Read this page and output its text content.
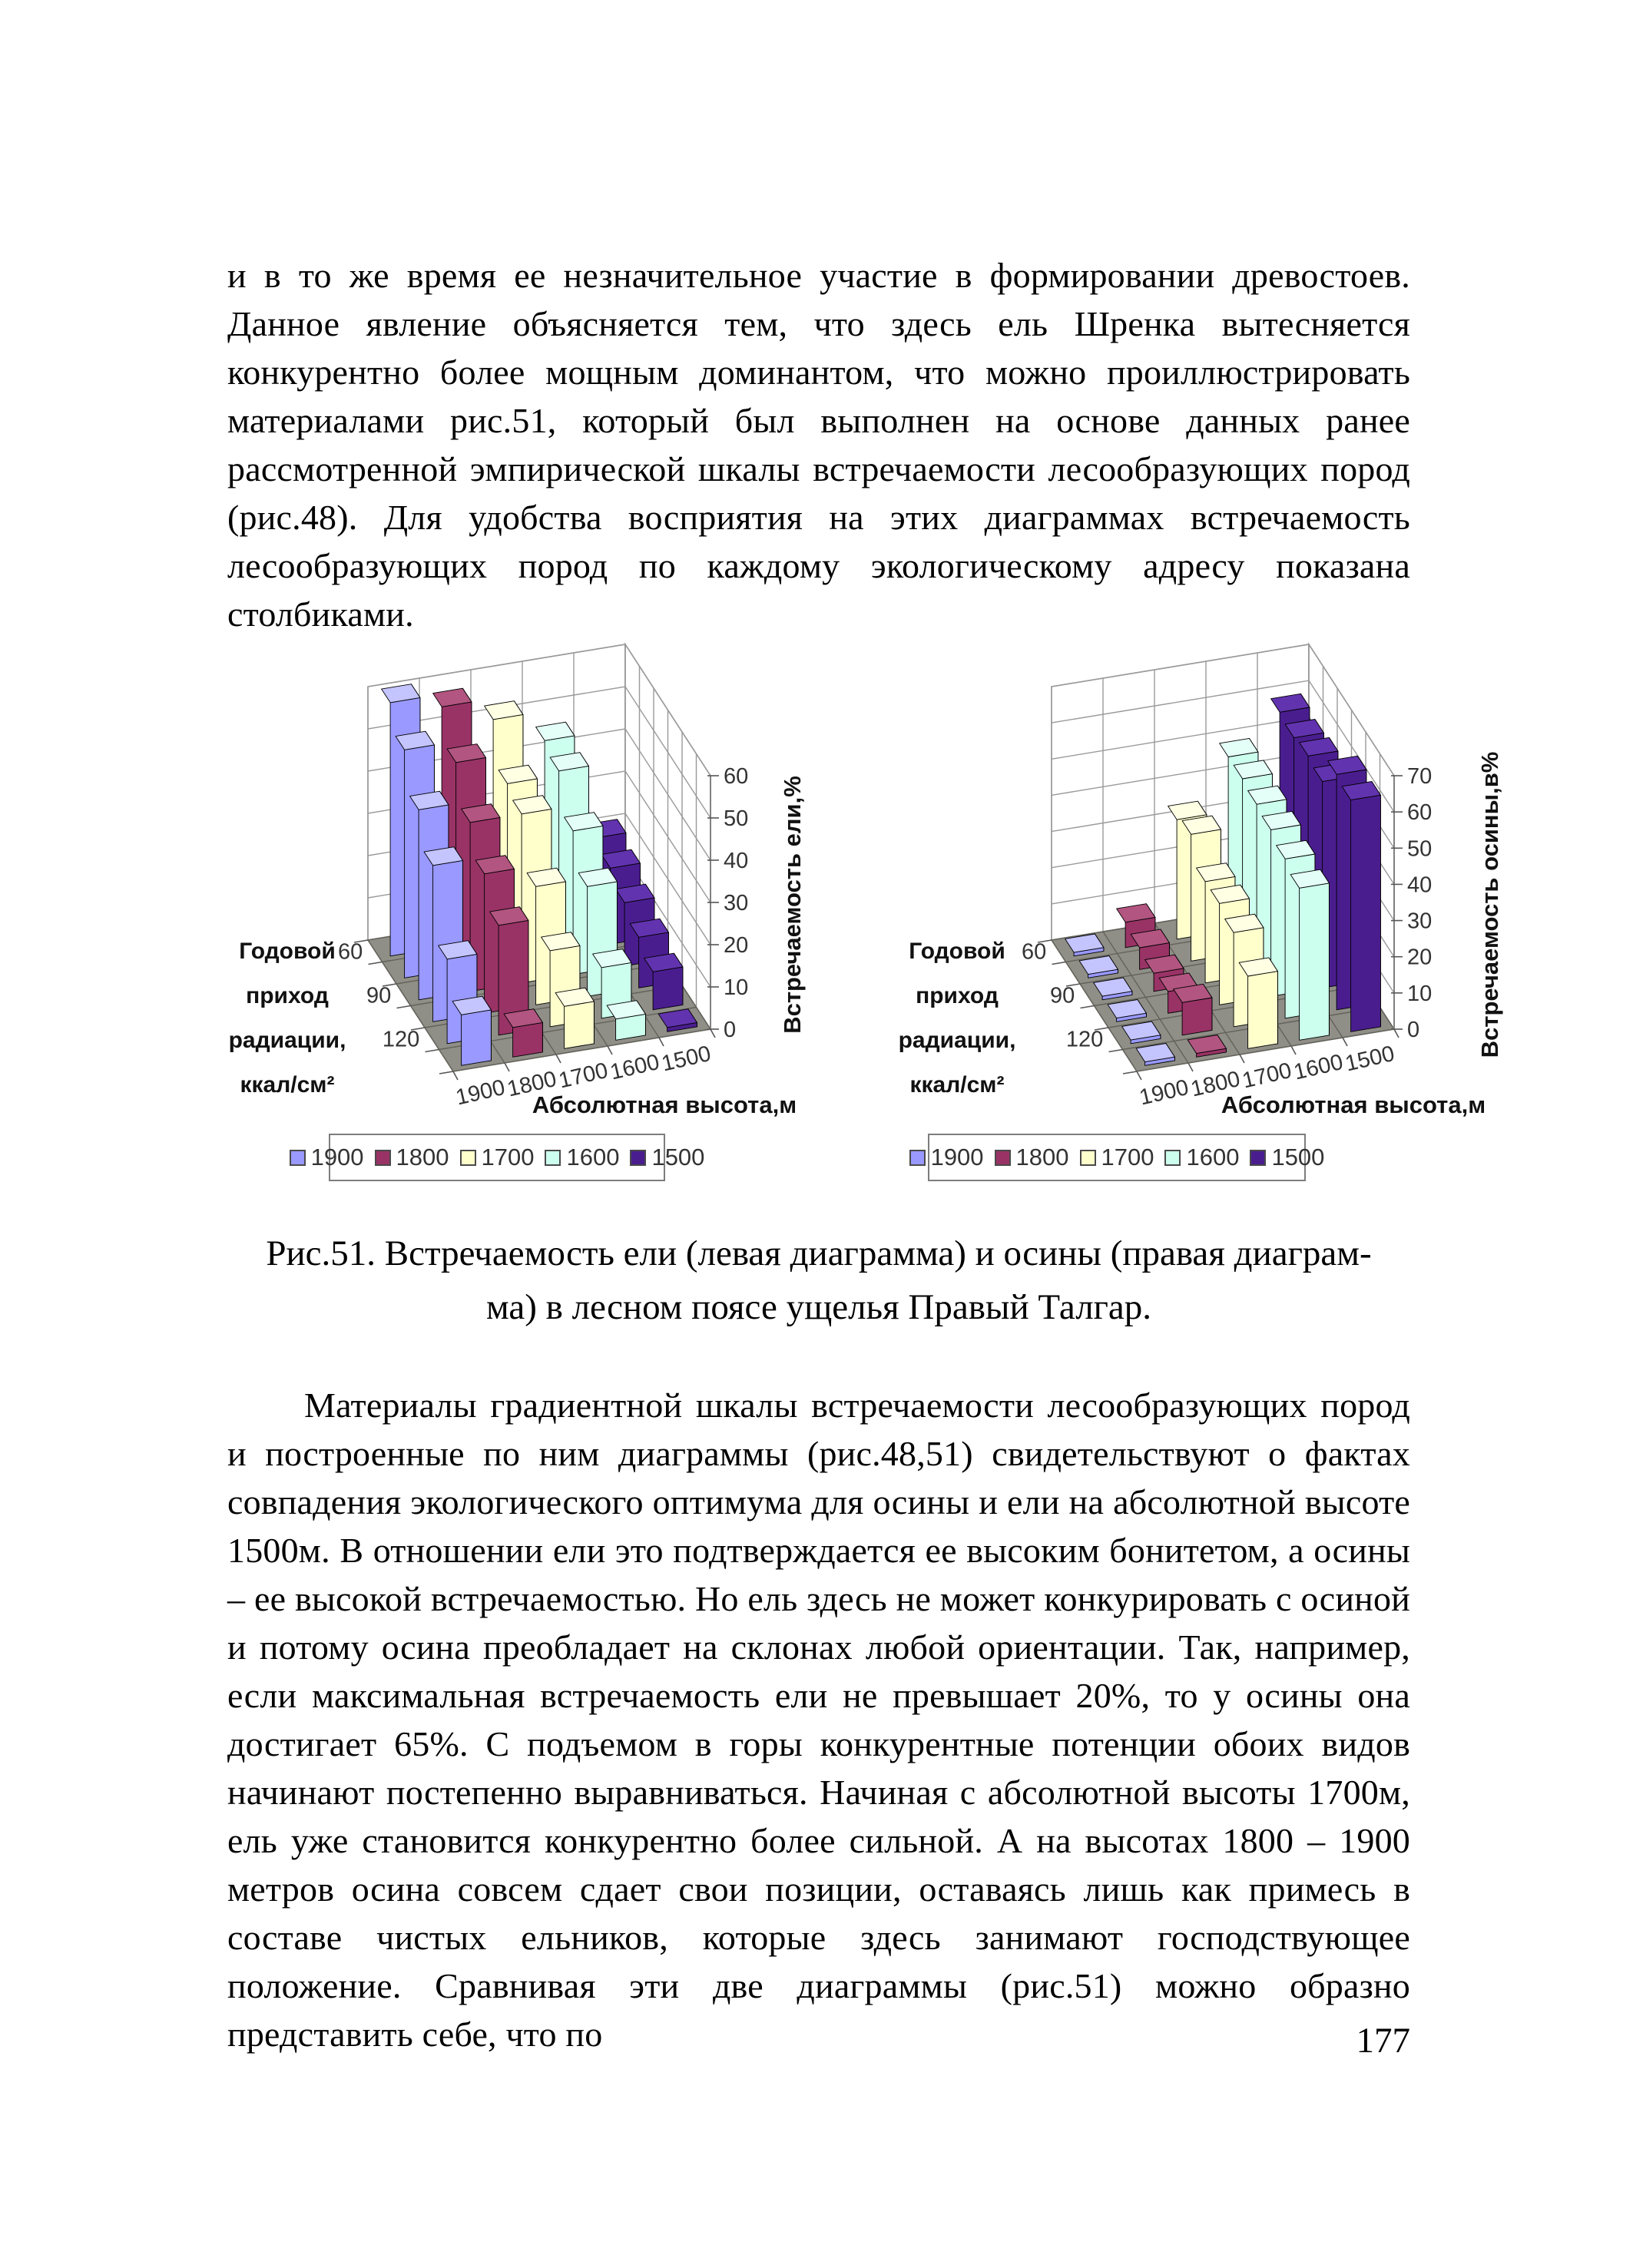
и в то же время ее незначительное участие в формировании древостоев. Данное явление объясняется тем, что здесь ель Шренка вытесняется конкурентно более мощным доминантом, что можно проиллюстрировать материалами рис.51, который был выполнен на основе данных ранее рассмотренной эмпирической шкалы встречаемости лесообразующих пород (рис.48). Для удобства восприятия на этих диаграммах встречаемость лесообразующих пород по каждому экологическому адресу показана столбиками.

1900
1800
1700
1600
1500
60
90
120	0
10
20
30
40
50
60 Встречаемость ели,%
Годовой
приход
радиации,
ккал/см²
Абсолютная высота,м	1900
1800
1700
1600
1500
60
90
120	0
10
20
30
40
50
60
70 Встречаемость осины,в%
Годовой
приход
радиации,
ккал/см²
Абсолютная высота,м
1900 1800 1700 1600 1500	1900 1800 1700 1600 1500
Рис.51. Встречаемость ели (левая диаграмма) и осины (правая диаграм-
ма) в лесном поясе ущелья Правый Талгар.

Материалы градиентной шкалы встречаемости лесообразующих пород и построенные по ним диаграммы (рис.48,51) свидетельствуют о фактах совпадения экологического оптимума для осины и ели на абсолютной высоте 1500м. В отношении ели это подтверждается ее высоким бонитетом, а осины – ее высокой встречаемостью. Но ель здесь не может конкурировать с осиной и потому осина преобладает на склонах любой ориентации. Так, например, если максимальная встречаемость ели не превышает 20%, то у осины она достигает 65%. С подъемом в горы конкурентные потенции обоих видов начинают постепенно выравниваться. Начиная с абсолютной высоты 1700м, ель уже становится конкурентно более сильной. А на высотах 1800 – 1900 метров осина совсем сдает свои позиции, оставаясь лишь как примесь в составе чистых ельников, которые здесь занимают господствующее положение. Сравнивая эти две диаграммы (рис.51) можно образно представить себе, что по	177
